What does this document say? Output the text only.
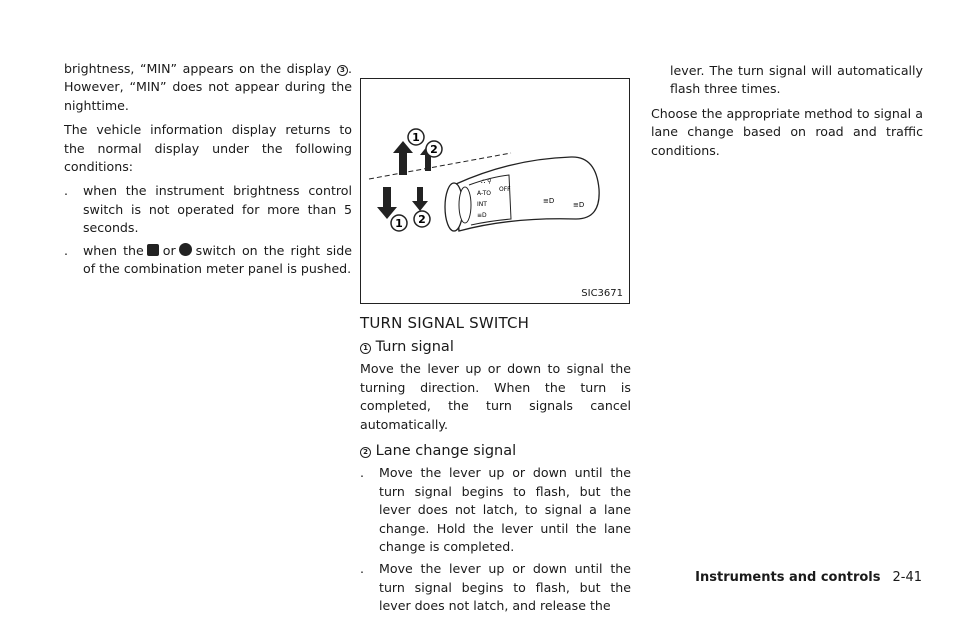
brightness, “MIN” appears on the display 3 . However, “MIN” does not appear during the nighttime.

The vehicle information display returns to the normal display under the following conditions:

. when the instrument brightness control switch is not operated for more than 5 seconds.
. when the or switch on the right side of the combination meter panel is pushed.
⛬ ⚲
A-TO
INT
≡D
OFF
≡D	≡D
1
2
1 2
SIC3671
TURN SIGNAL SWITCH
1 Turn signal

Move the lever up or down to signal the turning direction. When the turn is completed, the turn signals cancel automatically.

2 Lane change signal
. Move the lever up or down until the turn signal begins to flash, but the lever does not latch, to signal a lane change. Hold the lever until the lane change is completed.
. Move the lever up or down until the turn signal begins to flash, but the lever does not latch, and release the

lever. The turn signal will automatically flash three times.

Choose the appropriate method to signal a lane change based on road and traffic conditions.

Instruments and controls 2-41
